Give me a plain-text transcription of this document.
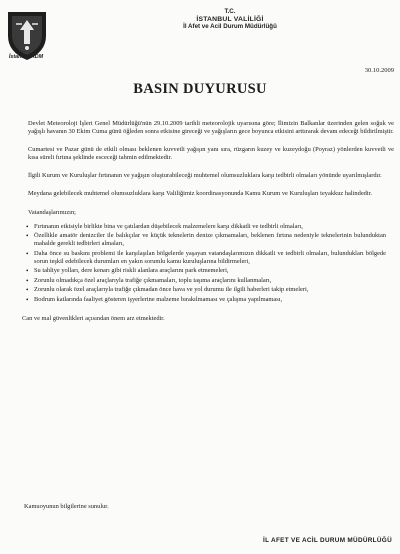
İstanbul ADM
T.C.
İSTANBUL VALİLİĞİ
İl Afet ve Acil Durum Müdürlüğü
30.10.2009
BASIN DUYURUSU

Devlet Meteoroloji İşleri Genel Müdürlüğü'nün 29.10.2009 tarihli meteorolojik uyarısına göre; İlimizin Balkanlar üzerinden gelen soğuk ve yağışlı havanın 30 Ekim Cuma günü öğleden sonra etkisine gireceği ve yağışların gece boyunca etkisini arttırarak devam edeceği bildirilmiştir.

Cumartesi ve Pazar günü de etkili olması beklenen kuvvetli yağışın yanı sıra, rüzgarın kuzey ve kuzeydoğu (Poyraz) yönlerden kuvvetli ve kısa süreli fırtına şeklinde esceceği tahmin edilmektedir.

İlgili Kurum ve Kuruluşlar fırtınanın ve yağışın oluşturabileceği muhtemel olumsuzluklara karşı tedbirli olmaları yönünde uyarılmışlardır.

Meydana gelebilecek muhtemel olumsuzluklara karşı Valiliğimiz koordinasyonunda Kamu Kurum ve Kuruluşları teyakkuz halindedir.

Vatandaşlarımızın;

• Fırtınanın etkisiyle birlikte bina ve çatılardan düşebilecek malzemelere karşı dikkatli ve tedbirli olmaları,
• Özellikle amatör denizciler ile balıkçılar ve küçük teknelerin denize çıkmamaları, beklenen fırtına nedeniyle teknelerinin bulunduktan mahalde gerekli tedbirleri almaları,
• Daha önce su baskını problemi ile karşılaşılan bölgelerde yaşayan vatandaşlarımızın dikkatli ve tedbirli olmaları, bulundukları bölgede sorun teşkil edebilecek durumları en yakın sorumlu kamu kuruluşlarına bildirmeleri,
• Su tahliye yolları, dere kenarı gibi riskli alanlara araçlarını park etmemeleri,
• Zorunlu olmadıkça özel araçlarıyla trafiğe çıkmamaları, toplu taşıma araçlarını kullanmaları,
• Zorunlu olarak özel araçlarıyla trafiğe çıkmadan önce hava ve yol durumu ile ilgili haberleri takip etmeleri,
• Bodrum katlarında faaliyet gösteren işyerlerine malzeme bırakılmaması ve çalışma yapılmaması,

Can ve mal güvenlikleri açısından önem arz etmektedir.

Kamuoyunun bilgilerine sunulur.
İL AFET VE ACİL DURUM MÜDÜRLÜĞÜ
